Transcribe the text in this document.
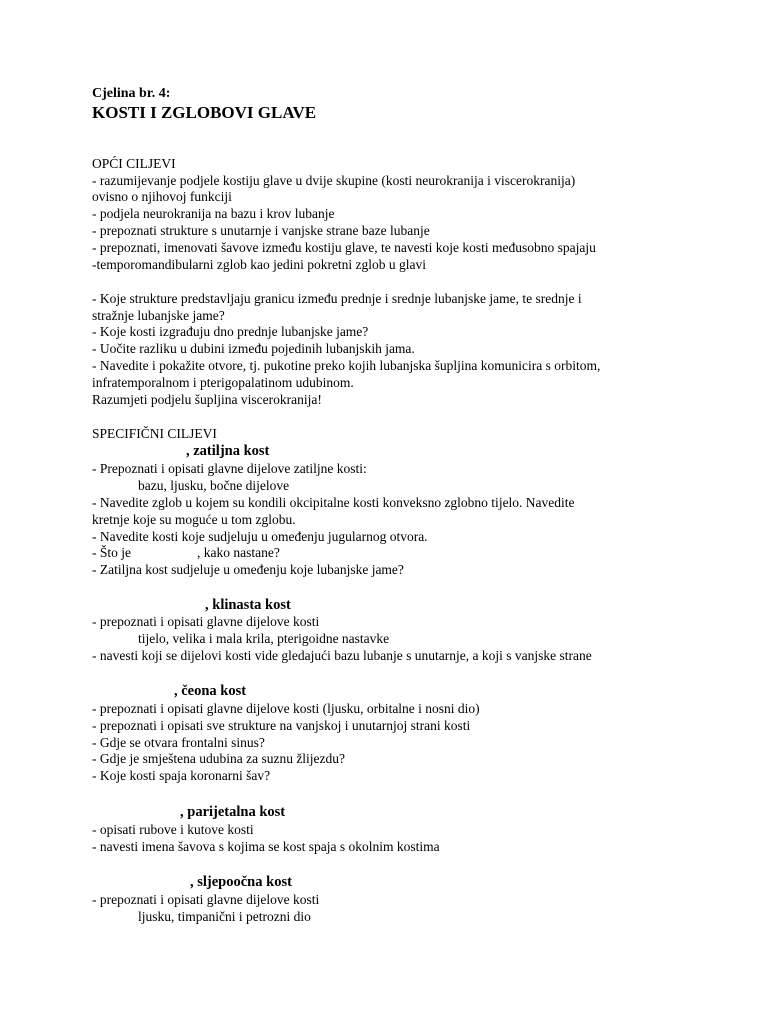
Cjelina br. 4:
KOSTI I ZGLOBOVI GLAVE
OPĆI CILJEVI
- razumijevanje podjele kostiju glave u dvije skupine (kosti neurokranija i viscerokranija)
ovisno o njihovoj funkciji
- podjela neurokranija na bazu i krov lubanje
- prepoznati strukture s unutarnje i vanjske strane baze lubanje
- prepoznati, imenovati šavove između kostiju glave, te navesti koje kosti međusobno spajaju
-temporomandibularni zglob kao jedini pokretni zglob u glavi
- Koje strukture predstavljaju granicu između prednje i srednje lubanjske jame, te srednje i
stražnje lubanjske jame?
- Koje kosti izgrađuju dno prednje lubanjske jame?
- Uočite razliku u dubini između pojedinih lubanjskih jama.
- Navedite i pokažite otvore, tj. pukotine preko kojih lubanjska šupljina komunicira s orbitom,
infratemporalnom i pterigopalatinom udubinom.
Razumjeti podjelu šupljina viscerokranija!
SPECIFIČNI CILJEVI
, zatiljna kost
- Prepoznati i opisati glavne dijelove zatiljne kosti:
bazu, ljusku, bočne dijelove
- Navedite zglob u kojem su kondili okcipitalne kosti konveksno zglobno tijelo. Navedite
kretnje koje su moguće u tom zglobu.
- Navedite kosti koje sudjeluju u omeđenju jugularnog otvora.
- Što je	, kako nastane?
- Zatiljna kost sudjeluje u omeđenju koje lubanjske jame?
, klinasta kost
- prepoznati i opisati glavne dijelove kosti
tijelo, velika i mala krila, pterigoidne nastavke
- navesti koji se dijelovi kosti vide gledajući bazu lubanje s unutarnje, a koji s vanjske strane
, čeona kost
- prepoznati i opisati glavne dijelove kosti (ljusku, orbitalne i nosni dio)
- prepoznati i opisati sve strukture na vanjskoj i unutarnjoj strani kosti
- Gdje se otvara frontalni sinus?
- Gdje je smještena udubina za suznu žlijezdu?
- Koje kosti spaja koronarni šav?
, parijetalna kost
- opisati rubove i kutove kosti
- navesti imena šavova s kojima se kost spaja s okolnim kostima
, sljepoočna kost
- prepoznati i opisati glavne dijelove kosti
ljusku, timpanični i petrozni dio
